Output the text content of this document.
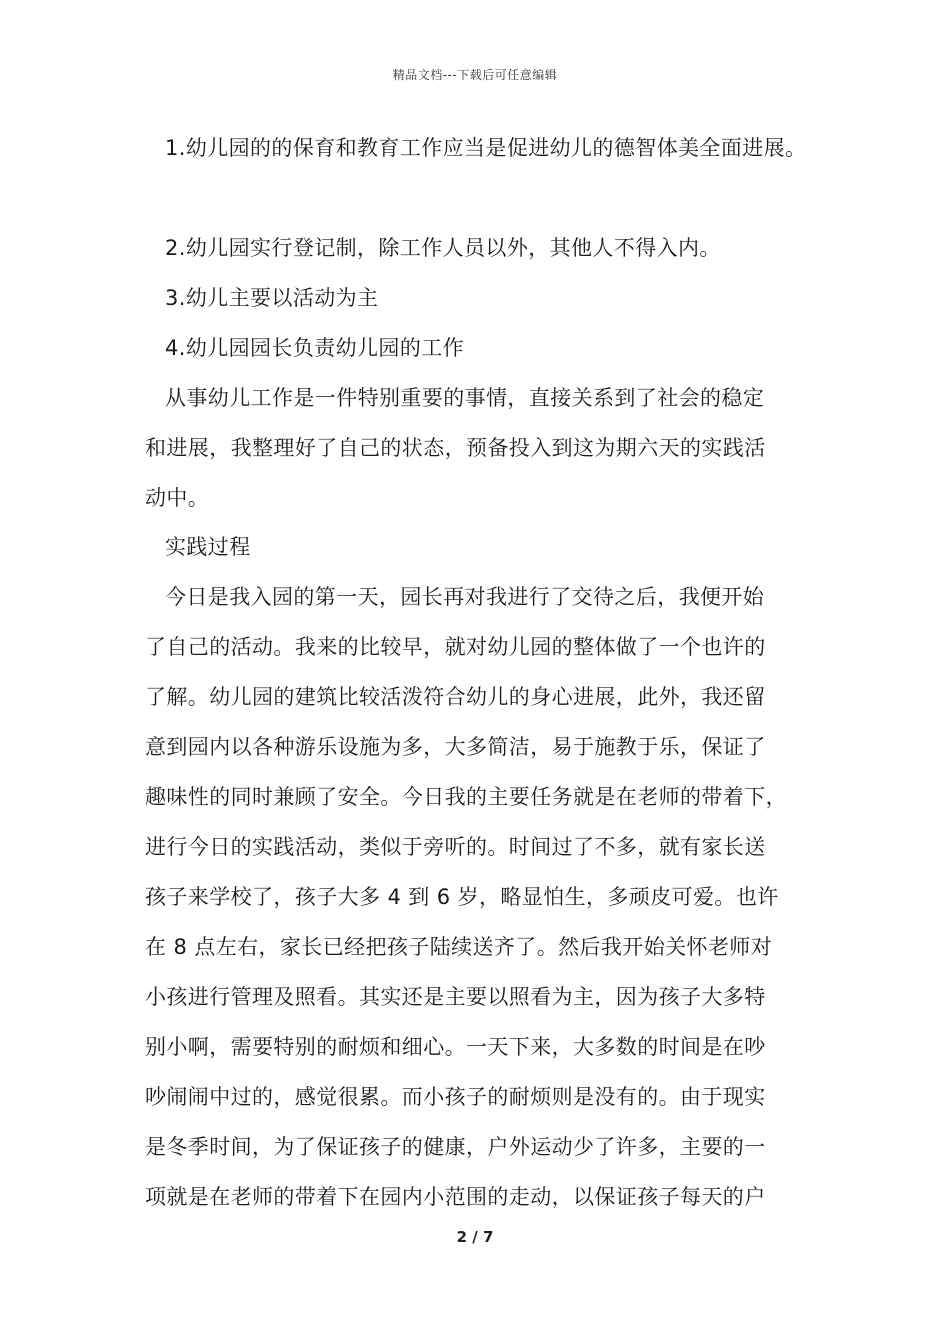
精品文档---下载后可任意编辑
1.幼儿园的的保育和教育工作应当是促进幼儿的德智体美全面进展。
2.幼儿园实行登记制，除工作人员以外，其他人不得入内。
3.幼儿主要以活动为主
4.幼儿园园长负责幼儿园的工作
从事幼儿工作是一件特别重要的事情，直接关系到了社会的稳定
和进展，我整理好了自己的状态，预备投入到这为期六天的实践活
动中。
实践过程
今日是我入园的第一天，园长再对我进行了交待之后，我便开始
了自己的活动。我来的比较早，就对幼儿园的整体做了一个也许的
了解。幼儿园的建筑比较活泼符合幼儿的身心进展，此外，我还留
意到园内以各种游乐设施为多，大多简洁，易于施教于乐，保证了
趣味性的同时兼顾了安全。今日我的主要任务就是在老师的带着下，
进行今日的实践活动，类似于旁听的。时间过了不多，就有家长送
孩子来学校了，孩子大多 4 到 6 岁，略显怕生，多顽皮可爱。也许
在 8 点左右，家长已经把孩子陆续送齐了。然后我开始关怀老师对
小孩进行管理及照看。其实还是主要以照看为主，因为孩子大多特
别小啊，需要特别的耐烦和细心。一天下来，大多数的时间是在吵
吵闹闹中过的，感觉很累。而小孩子的耐烦则是没有的。由于现实
是冬季时间，为了保证孩子的健康，户外运动少了许多，主要的一
项就是在老师的带着下在园内小范围的走动，以保证孩子每天的户
2 / 7
